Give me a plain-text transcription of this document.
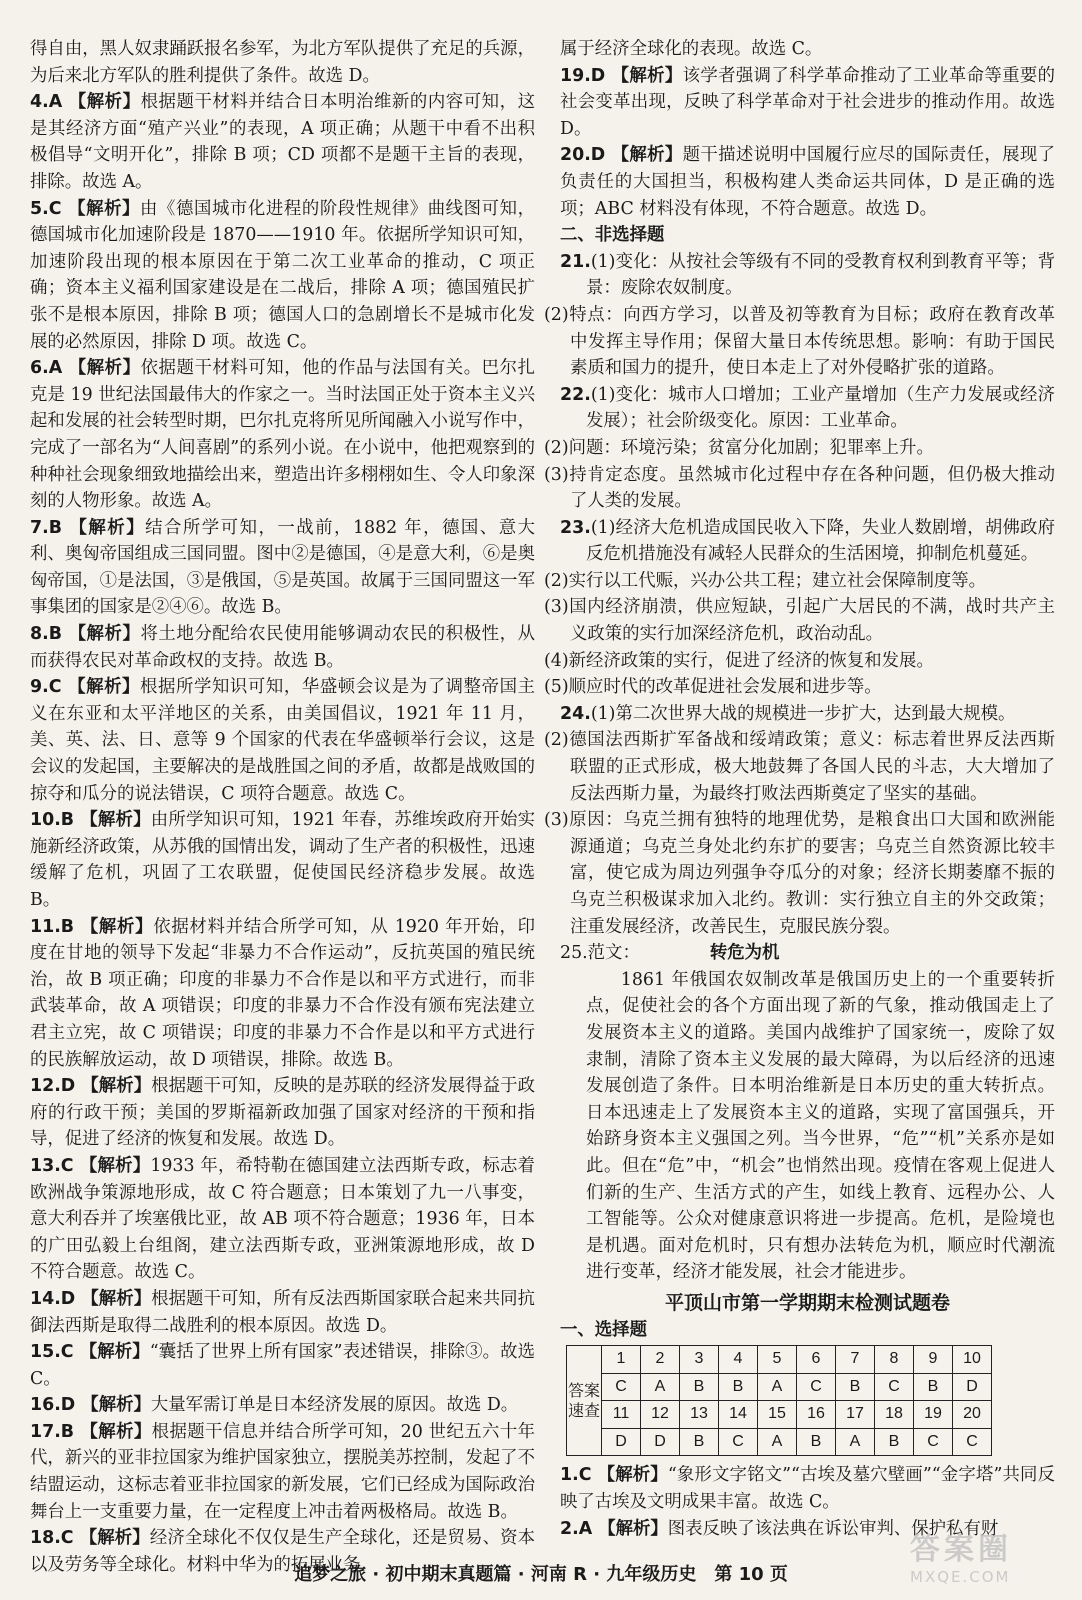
得自由，黑人奴隶踊跃报名参军，为北方军队提供了充足的兵源，为后来北方军队的胜利提供了条件。故选 D。

4.A 【解析】根据题干材料并结合日本明治维新的内容可知，这是其经济方面“殖产兴业”的表现，A 项正确；从题干中看不出积极倡导“文明开化”，排除 B 项；CD 项都不是题干主旨的表现，排除。故选 A。

5.C 【解析】由《德国城市化进程的阶段性规律》曲线图可知，德国城市化加速阶段是 1870——1910 年。依据所学知识可知，加速阶段出现的根本原因在于第二次工业革命的推动，C 项正确；资本主义福利国家建设是在二战后，排除 A 项；德国殖民扩张不是根本原因，排除 B 项；德国人口的急剧增长不是城市化发展的必然原因，排除 D 项。故选 C。

6.A 【解析】依据题干材料可知，他的作品与法国有关。巴尔扎克是 19 世纪法国最伟大的作家之一。当时法国正处于资本主义兴起和发展的社会转型时期，巴尔扎克将所见所闻融入小说写作中，完成了一部名为“人间喜剧”的系列小说。在小说中，他把观察到的种种社会现象细致地描绘出来，塑造出许多栩栩如生、令人印象深刻的人物形象。故选 A。

7.B 【解析】结合所学可知，一战前，1882 年，德国、意大利、奥匈帝国组成三国同盟。图中②是德国，④是意大利，⑥是奥匈帝国，①是法国，③是俄国，⑤是英国。故属于三国同盟这一军事集团的国家是②④⑥。故选 B。

8.B 【解析】将土地分配给农民使用能够调动农民的积极性，从而获得农民对革命政权的支持。故选 B。

9.C 【解析】根据所学知识可知，华盛顿会议是为了调整帝国主义在东亚和太平洋地区的关系，由美国倡议，1921 年 11 月，美、英、法、日、意等 9 个国家的代表在华盛顿举行会议，这是会议的发起国，主要解决的是战胜国之间的矛盾，故都是战败国的掠夺和瓜分的说法错误，C 项符合题意。故选 C。

10.B 【解析】由所学知识可知，1921 年春，苏维埃政府开始实施新经济政策，从苏俄的国情出发，调动了生产者的积极性，迅速缓解了危机，巩固了工农联盟，促使国民经济稳步发展。故选 B。

11.B 【解析】依据材料并结合所学可知，从 1920 年开始，印度在甘地的领导下发起“非暴力不合作运动”，反抗英国的殖民统治，故 B 项正确；印度的非暴力不合作是以和平方式进行，而非武装革命，故 A 项错误；印度的非暴力不合作没有颁布宪法建立君主立宪，故 C 项错误；印度的非暴力不合作是以和平方式进行的民族解放运动，故 D 项错误，排除。故选 B。

12.D 【解析】根据题干可知，反映的是苏联的经济发展得益于政府的行政干预；美国的罗斯福新政加强了国家对经济的干预和指导，促进了经济的恢复和发展。故选 D。

13.C 【解析】1933 年，希特勒在德国建立法西斯专政，标志着欧洲战争策源地形成，故 C 符合题意；日本策划了九一八事变，意大利吞并了埃塞俄比亚，故 AB 项不符合题意；1936 年，日本的广田弘毅上台组阁，建立法西斯专政，亚洲策源地形成，故 D 不符合题意。故选 C。

14.D 【解析】根据题干可知，所有反法西斯国家联合起来共同抗御法西斯是取得二战胜利的根本原因。故选 D。

15.C 【解析】“囊括了世界上所有国家”表述错误，排除③。故选 C。

16.D 【解析】大量军需订单是日本经济发展的原因。故选 D。

17.B 【解析】根据题干信息并结合所学可知，20 世纪五六十年代，新兴的亚非拉国家为维护国家独立，摆脱美苏控制，发起了不结盟运动，这标志着亚非拉国家的新发展，它们已经成为国际政治舞台上一支重要力量，在一定程度上冲击着两极格局。故选 B。

18.C 【解析】经济全球化不仅仅是生产全球化，还是贸易、资本以及劳务等全球化。材料中华为的拓展业务

属于经济全球化的表现。故选 C。

19.D 【解析】该学者强调了科学革命推动了工业革命等重要的社会变革出现，反映了科学革命对于社会进步的推动作用。故选 D。

20.D 【解析】题干描述说明中国履行应尽的国际责任，展现了负责任的大国担当，积极构建人类命运共同体，D 是正确的选项；ABC 材料没有体现，不符合题意。故选 D。

二、非选择题

21.(1)变化：从按社会等级有不同的受教育权利到教育平等；背景：废除农奴制度。

(2)特点：向西方学习，以普及初等教育为目标；政府在教育改革中发挥主导作用；保留大量日本传统思想。影响：有助于国民素质和国力的提升，使日本走上了对外侵略扩张的道路。

22.(1)变化：城市人口增加；工业产量增加（生产力发展或经济发展）；社会阶级变化。原因：工业革命。

(2)问题：环境污染；贫富分化加剧；犯罪率上升。

(3)持肯定态度。虽然城市化过程中存在各种问题，但仍极大推动了人类的发展。

23.(1)经济大危机造成国民收入下降，失业人数剧增，胡佛政府反危机措施没有减轻人民群众的生活困境，抑制危机蔓延。

(2)实行以工代赈，兴办公共工程；建立社会保障制度等。

(3)国内经济崩溃，供应短缺，引起广大居民的不满，战时共产主义政策的实行加深经济危机，政治动乱。

(4)新经济政策的实行，促进了经济的恢复和发展。

(5)顺应时代的改革促进社会发展和进步等。

24.(1)第二次世界大战的规模进一步扩大，达到最大规模。

(2)德国法西斯扩军备战和绥靖政策；意义：标志着世界反法西斯联盟的正式形成，极大地鼓舞了各国人民的斗志，大大增加了反法西斯力量，为最终打败法西斯奠定了坚实的基础。

(3)原因：乌克兰拥有独特的地理优势，是粮食出口大国和欧洲能源通道；乌克兰身处北约东扩的要害；乌克兰自然资源比较丰富，使它成为周边列强争夺瓜分的对象；经济长期萎靡不振的乌克兰积极谋求加入北约。教训：实行独立自主的外交政策；注重发展经济，改善民生，克服民族分裂。

25.范文：	转危为机

1861 年俄国农奴制改革是俄国历史上的一个重要转折点，促使社会的各个方面出现了新的气象，推动俄国走上了发展资本主义的道路。美国内战维护了国家统一，废除了奴隶制，清除了资本主义发展的最大障碍，为以后经济的迅速发展创造了条件。日本明治维新是日本历史的重大转折点。日本迅速走上了发展资本主义的道路，实现了富国强兵，开始跻身资本主义强国之列。当今世界，“危”“机”关系亦是如此。但在“危”中，“机会”也悄然出现。疫情在客观上促进人们新的生产、生活方式的产生，如线上教育、远程办公、人工智能等。公众对健康意识将进一步提高。危机，是险境也是机遇。面对危机时，只有想办法转危为机，顺应时代潮流进行变革，经济才能发展，社会才能进步。

平顶山市第一学期期末检测试题卷

一、选择题

答案速查	1	2	3	4	5	6	7	8	9	10
	C	A	B	B	A	C	B	C	B	D
	11	12	13	14	15	16	17	18	19	20
	D	D	B	C	A	B	A	B	C	C

1.C 【解析】“象形文字铭文”“古埃及墓穴壁画”“金字塔”共同反映了古埃及文明成果丰富。故选 C。

2.A 【解析】图表反映了该法典在诉讼审判、保护私有财

追梦之旅 · 初中期末真题篇 · 河南 R · 九年级历史　第 10 页
答案圈
MXQE.COM
